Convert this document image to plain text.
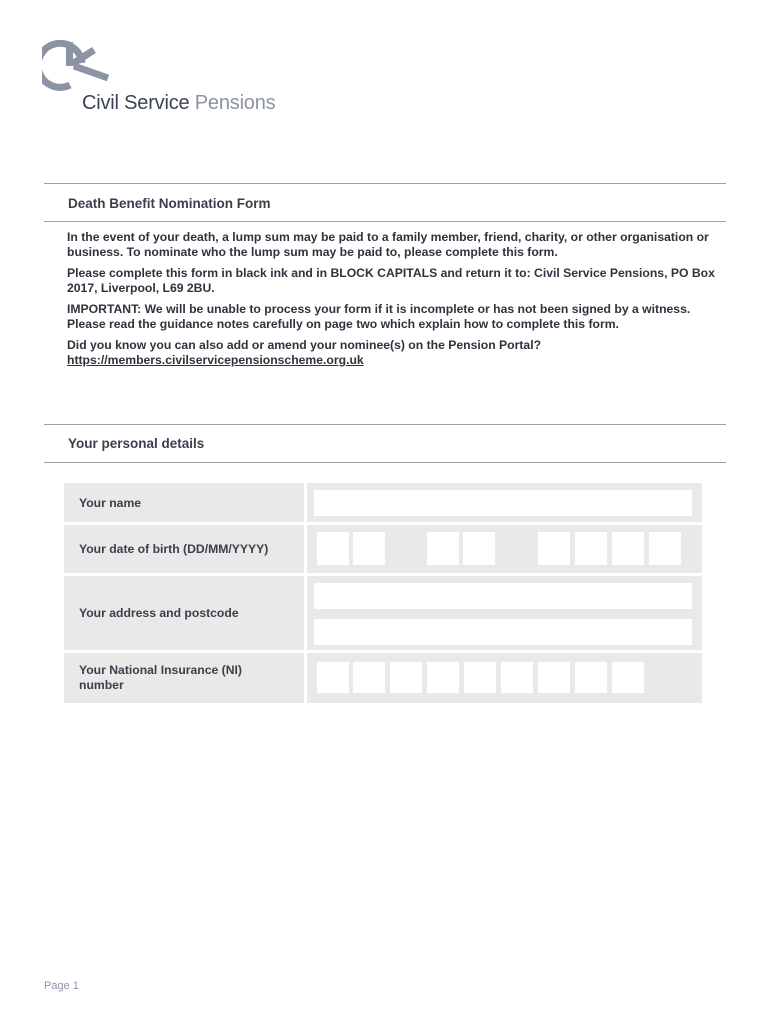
Civil Service Pensions
Death Benefit Nomination Form

In the event of your death, a lump sum may be paid to a family member, friend, charity, or other organisation or business. To nominate who the lump sum may be paid to, please complete this form.

Please complete this form in black ink and in BLOCK CAPITALS and return it to: Civil Service Pensions, PO Box 2017, Liverpool, L69 2BU.

IMPORTANT: We will be unable to process your form if it is incomplete or has not been signed by a witness. Please read the guidance notes carefully on page two which explain how to complete this form.

Did you know you can also add or amend your nominee(s) on the Pension Portal?
https://members.civilservicepensionscheme.org.uk

Your personal details
Your name
Your date of birth (DD/MM/YYYY)
Your address and postcode
Your National Insurance (NI) number
Page 1
